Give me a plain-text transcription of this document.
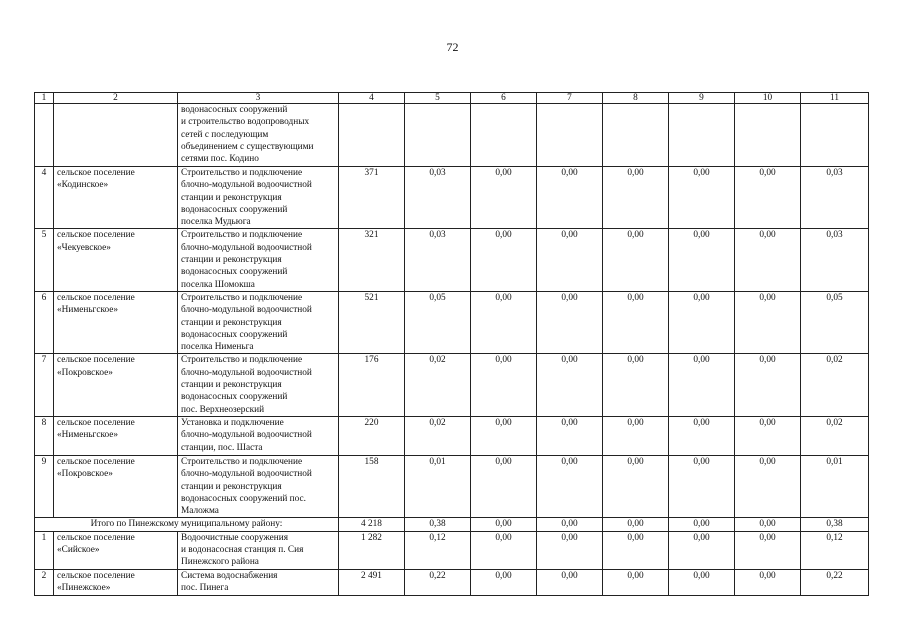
72
1	2	3	4	5	6	7	8	9	10	11
		водонасосных сооружений
и строительство водопроводных
сетей с последующим
объединением с существующими
сетями пос. Кодино								
4	сельское поселение
«Кодинское»	Строительство и подключение
блочно-модульной водоочистной
станции и реконструкция
водонасосных сооружений
поселка Мудьюга	371	0,03	0,00	0,00	0,00	0,00	0,00	0,03
5	сельское поселение
«Чекуевское»	Строительство и подключение
блочно-модульной водоочистной
станции и реконструкция
водонасосных сооружений
поселка Шомокша	321	0,03	0,00	0,00	0,00	0,00	0,00	0,03
6	сельское поселение
«Нименьгское»	Строительство и подключение
блочно-модульной водоочистной
станции и реконструкция
водонасосных сооружений
поселка Нименьга	521	0,05	0,00	0,00	0,00	0,00	0,00	0,05
7	сельское поселение
«Покровское»	Строительство и подключение
блочно-модульной водоочистной
станции и реконструкция
водонасосных сооружений
пос. Верхнеозерский	176	0,02	0,00	0,00	0,00	0,00	0,00	0,02
8	сельское поселение
«Нименьгское»	Установка и подключение
блочно-модульной водоочистной
станции, пос. Шаста	220	0,02	0,00	0,00	0,00	0,00	0,00	0,02
9	сельское поселение
«Покровское»	Строительство и подключение
блочно-модульной водоочистной
станции и реконструкция
водонасосных сооружений пос.
Маложма	158	0,01	0,00	0,00	0,00	0,00	0,00	0,01
Итого по Пинежскому муниципальному району:			4 218	0,38	0,00	0,00	0,00	0,00	0,00	0,38
1	сельское поселение
«Сийское»	Водоочистные сооружения
и водонасосная станция п. Сия
Пинежского района	1 282	0,12	0,00	0,00	0,00	0,00	0,00	0,12
2	сельское поселение
«Пинежское»	Система водоснабжения
пос. Пинега	2 491	0,22	0,00	0,00	0,00	0,00	0,00	0,22
